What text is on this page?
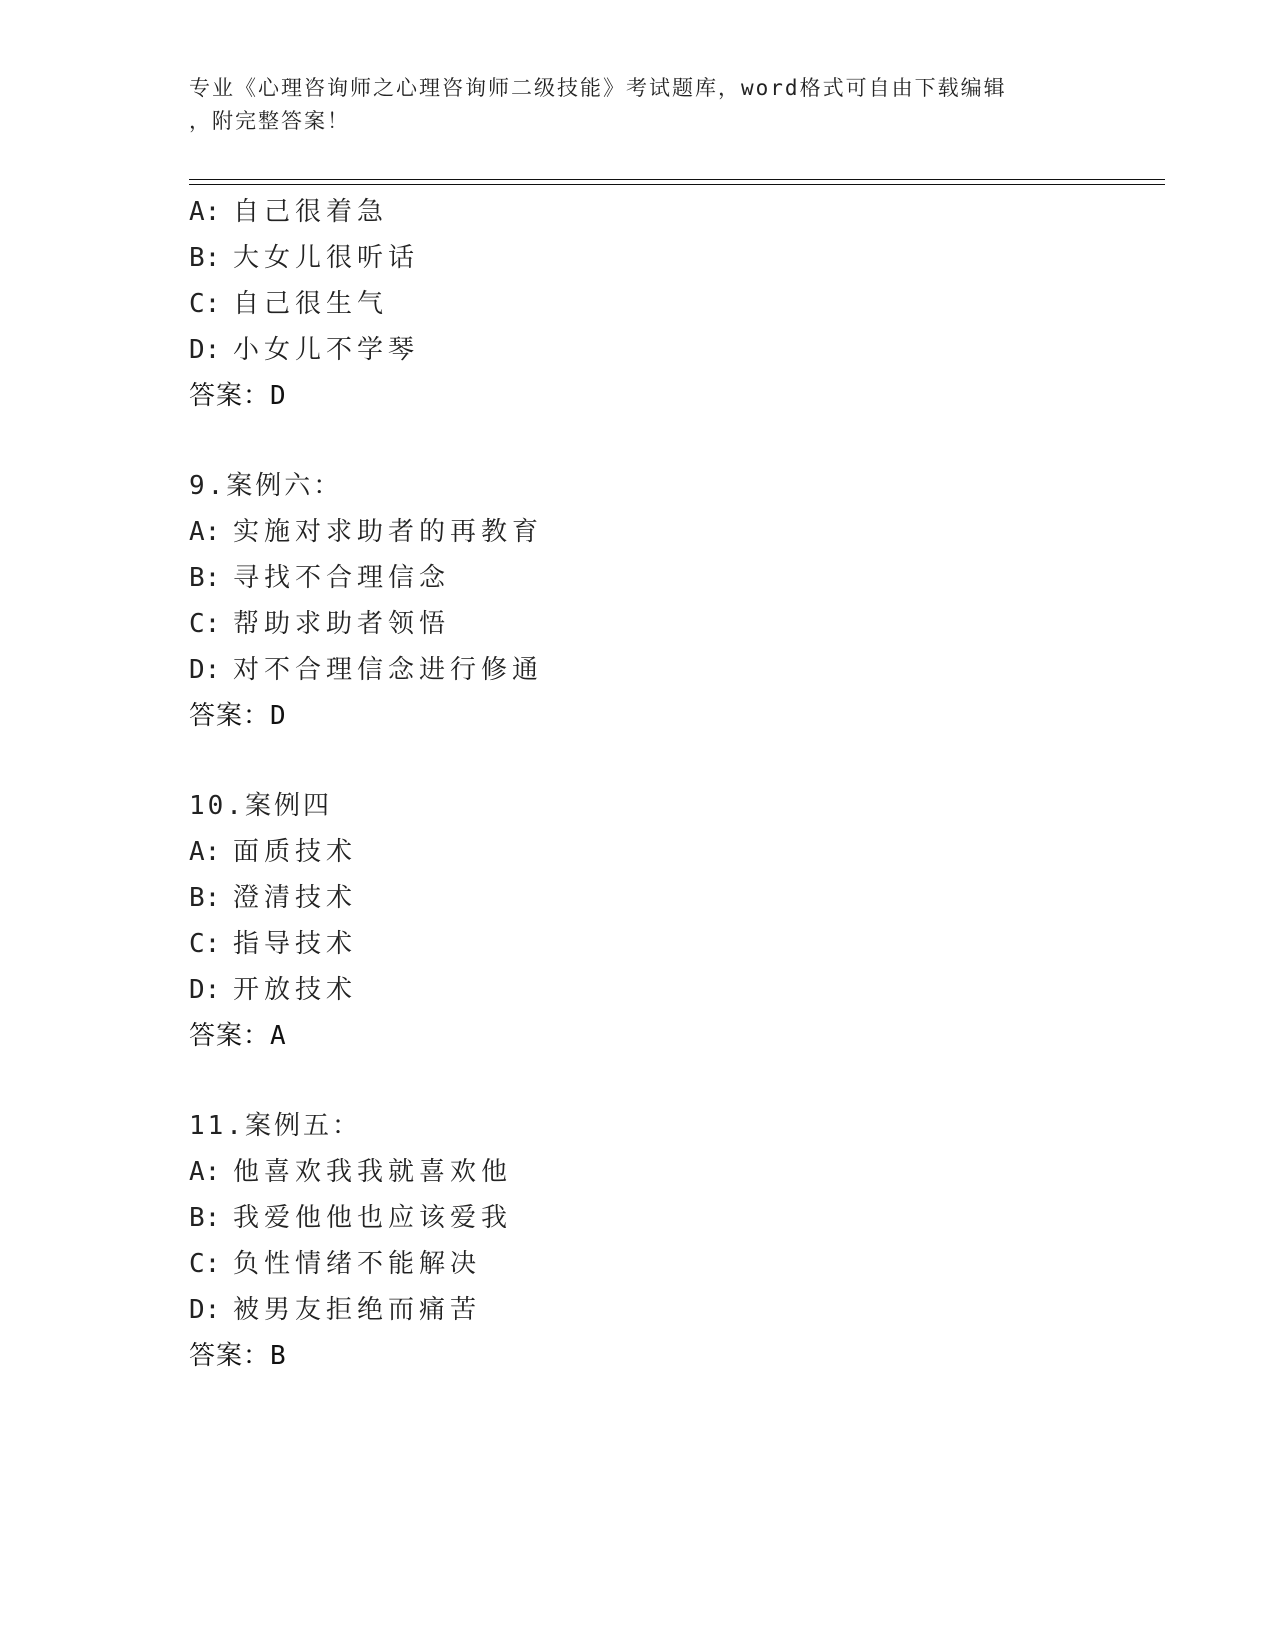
专业《心理咨询师之心理咨询师二级技能》考试题库，word格式可自由下载编辑
，附完整答案！
A: 自己很着急
B: 大女儿很听话
C: 自己很生气
D: 小女儿不学琴
答案：D
9.案例六：
A: 实施对求助者的再教育
B: 寻找不合理信念
C: 帮助求助者领悟
D: 对不合理信念进行修通
答案：D
10.案例四
A: 面质技术
B: 澄清技术
C: 指导技术
D: 开放技术
答案：A
11.案例五：
A: 他喜欢我我就喜欢他
B: 我爱他他也应该爱我
C: 负性情绪不能解决
D: 被男友拒绝而痛苦
答案：B
